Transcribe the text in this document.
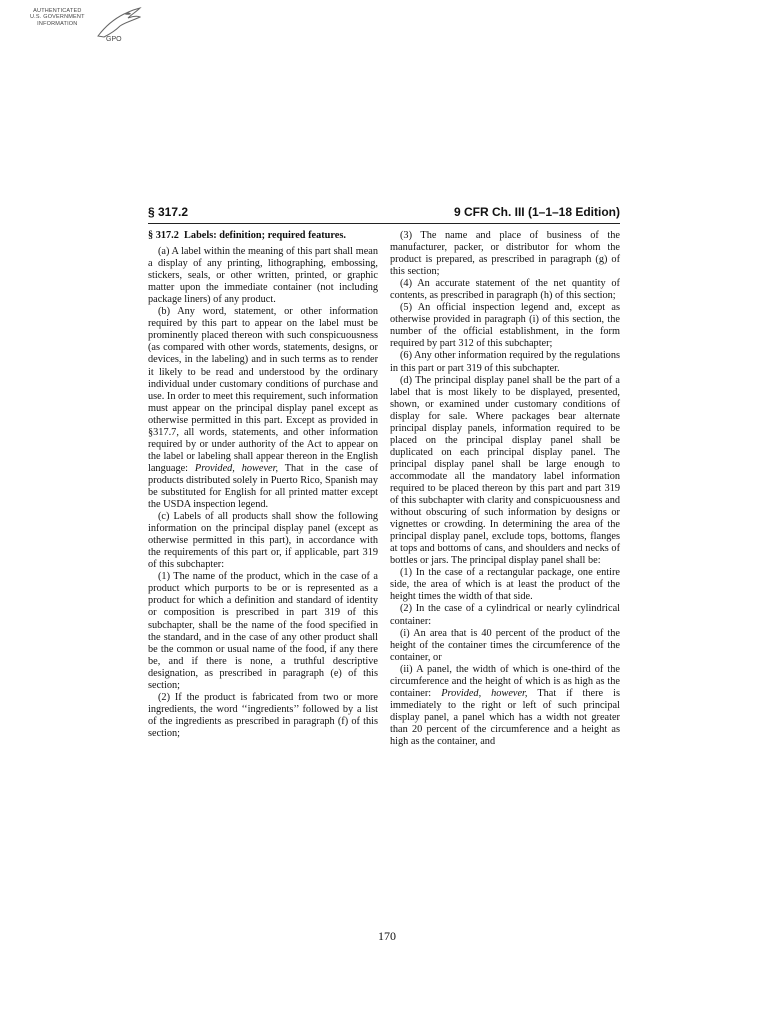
AUTHENTICATED
U.S. GOVERNMENT
INFORMATION
GPO
§ 317.2	9 CFR Ch. III (1–1–18 Edition)

§ 317.2 Labels: definition; required features.

(a) A label within the meaning of this part shall mean a display of any printing, lithographing, embossing, stickers, seals, or other written, printed, or graphic matter upon the immediate container (not including package liners) of any product.

(b) Any word, statement, or other information required by this part to appear on the label must be prominently placed thereon with such conspicuousness (as compared with other words, statements, designs, or devices, in the labeling) and in such terms as to render it likely to be read and understood by the ordinary individual under customary conditions of purchase and use. In order to meet this requirement, such information must appear on the principal display panel except as otherwise permitted in this part. Except as provided in §317.7, all words, statements, and other information required by or under authority of the Act to appear on the label or labeling shall appear thereon in the English language: Provided, however, That in the case of products distributed solely in Puerto Rico, Spanish may be substituted for English for all printed matter except the USDA inspection legend.

(c) Labels of all products shall show the following information on the principal display panel (except as otherwise permitted in this part), in accordance with the requirements of this part or, if applicable, part 319 of this subchapter:

(1) The name of the product, which in the case of a product which purports to be or is represented as a product for which a definition and standard of identity or composition is prescribed in part 319 of this subchapter, shall be the name of the food specified in the standard, and in the case of any other product shall be the common or usual name of the food, if any there be, and if there is none, a truthful descriptive designation, as prescribed in paragraph (e) of this section;

(2) If the product is fabricated from two or more ingredients, the word ‘‘ingredients’’ followed by a list of the ingredients as prescribed in paragraph (f) of this section;

(3) The name and place of business of the manufacturer, packer, or distributor for whom the product is prepared, as prescribed in paragraph (g) of this section;

(4) An accurate statement of the net quantity of contents, as prescribed in paragraph (h) of this section;

(5) An official inspection legend and, except as otherwise provided in paragraph (i) of this section, the number of the official establishment, in the form required by part 312 of this subchapter;

(6) Any other information required by the regulations in this part or part 319 of this subchapter.

(d) The principal display panel shall be the part of a label that is most likely to be displayed, presented, shown, or examined under customary conditions of display for sale. Where packages bear alternate principal display panels, information required to be placed on the principal display panel shall be duplicated on each principal display panel. The principal display panel shall be large enough to accommodate all the mandatory label information required to be placed thereon by this part and part 319 of this subchapter with clarity and conspicuousness and without obscuring of such information by designs or vignettes or crowding. In determining the area of the principal display panel, exclude tops, bottoms, flanges at tops and bottoms of cans, and shoulders and necks of bottles or jars. The principal display panel shall be:

(1) In the case of a rectangular package, one entire side, the area of which is at least the product of the height times the width of that side.

(2) In the case of a cylindrical or nearly cylindrical container:

(i) An area that is 40 percent of the product of the height of the container times the circumference of the container, or

(ii) A panel, the width of which is one-third of the circumference and the height of which is as high as the container: Provided, however, That if there is immediately to the right or left of such principal display panel, a panel which has a width not greater than 20 percent of the circumference and a height as high as the container, and

170
